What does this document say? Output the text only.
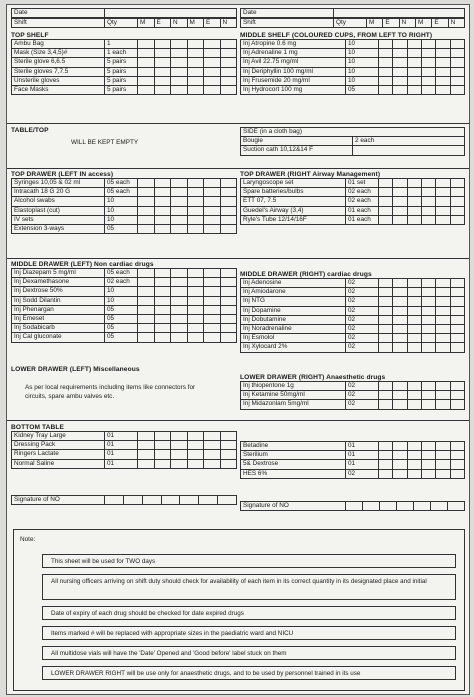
Date	
Shift	Qty	M	E	N	M	E	N
Date	
Shift	Qty	M	E	N	M	E	N
TOP SHELF
Ambu Bag	1						
Mask (Size 3,4,5)#	1 each						
Sterile glove 6,6.5	5 pairs						
Sterile gloves 7,7.5	5 pairs						
Unsterile gloves	5 pairs						
Face Masks	5 pairs						
MIDDLE SHELF (COLOURED CUPS, FROM LEFT TO RIGHT)
Inj Atropine 0.6 mg	10						
Inj Adrenaline 1 mg	10						
Inj Avil 22.75 mg/ml	10						
Inj Deriphyllin 100 mg/ml	10						
Inj Frusemide 20 mg/ml	10						
Inj Hydrocort 100 mg	05						
TABLE/TOP
WILL BE KEPT EMPTY
SIDE (in a cloth bag)	
Bougie	2 each
Suction cath 10,12&14 F	
TOP DRAWER (LEFT IN access)
Syringes 10,05 & 02 ml	05 each						
Intracath 18 G 20 G	05 each						
Alcohol swabs	10						
Elastoplast (cut)	10						
IV sets	10						
Extension 3-ways	05						
TOP DRAWER (RIGHT Airway Management)
Laryngoscope set	01 set						
Spare batteries/bulbs	02 each						
ETT 07, 7.5	02 each						
Guedel's Airway (3,4)	01 each						
Ryle's Tube 12/14/16F	01 each						
MIDDLE DRAWER (LEFT) Non cardiac drugs
Inj Diazepam 5 mg/ml	05 each						
Inj Dexamethasone	02 each						
Inj Dextrose 50%	10						
Inj Sodd Dilantin	10						
Inj Phenargan	05						
Inj Emeset	05						
Inj Sodabicarb	05						
Inj Cal gluconate	05						
MIDDLE DRAWER (RIGHT) cardiac drugs
Inj Adenosine	02						
Inj Amiodarone	02						
Inj NTG	02						
Inj Dopamine	02						
Inj Dobutamine	02						
Inj Noradrenaline	02						
Inj Esmolol	02						
Inj Xylocard 2%	02						
LOWER DRAWER (LEFT) Miscellaneous
As per local requirements including items like connectors for circuits, spare ambu valves etc.
LOWER DRAWER (RIGHT) Anaesthetic drugs
Inj thiopentone 1g	02						
Inj Ketamine 50mg/ml	02						
Inj Midazonlam 5mg/ml	02						
BOTTOM TABLE
Kidney Tray Large	01						
Dressing Pack	01						
Ringers Lactate	01						
Normal Saline	01						
Betadine	01						
Sterilium	01						
5& Dextrose	01						
HES 6%	02						
Signature of NO							
Signature of NO							
Note:
This sheet will be used for TWO days
All nursing officers arriving on shift duty should check for availability of each item in its correct quantity in its designated place and initial
Date of expiry of each drug should be checked for date expired drugs
Items marked # will be replaced with appropriate sizes in the paediatric ward and NICU
All multidose vials will have the 'Date' Opened and 'Good before' label stuck on them
LOWER DRAWER RIGHT will be use only for anaesthetic drugs, and to be used by personnel trained in its use
